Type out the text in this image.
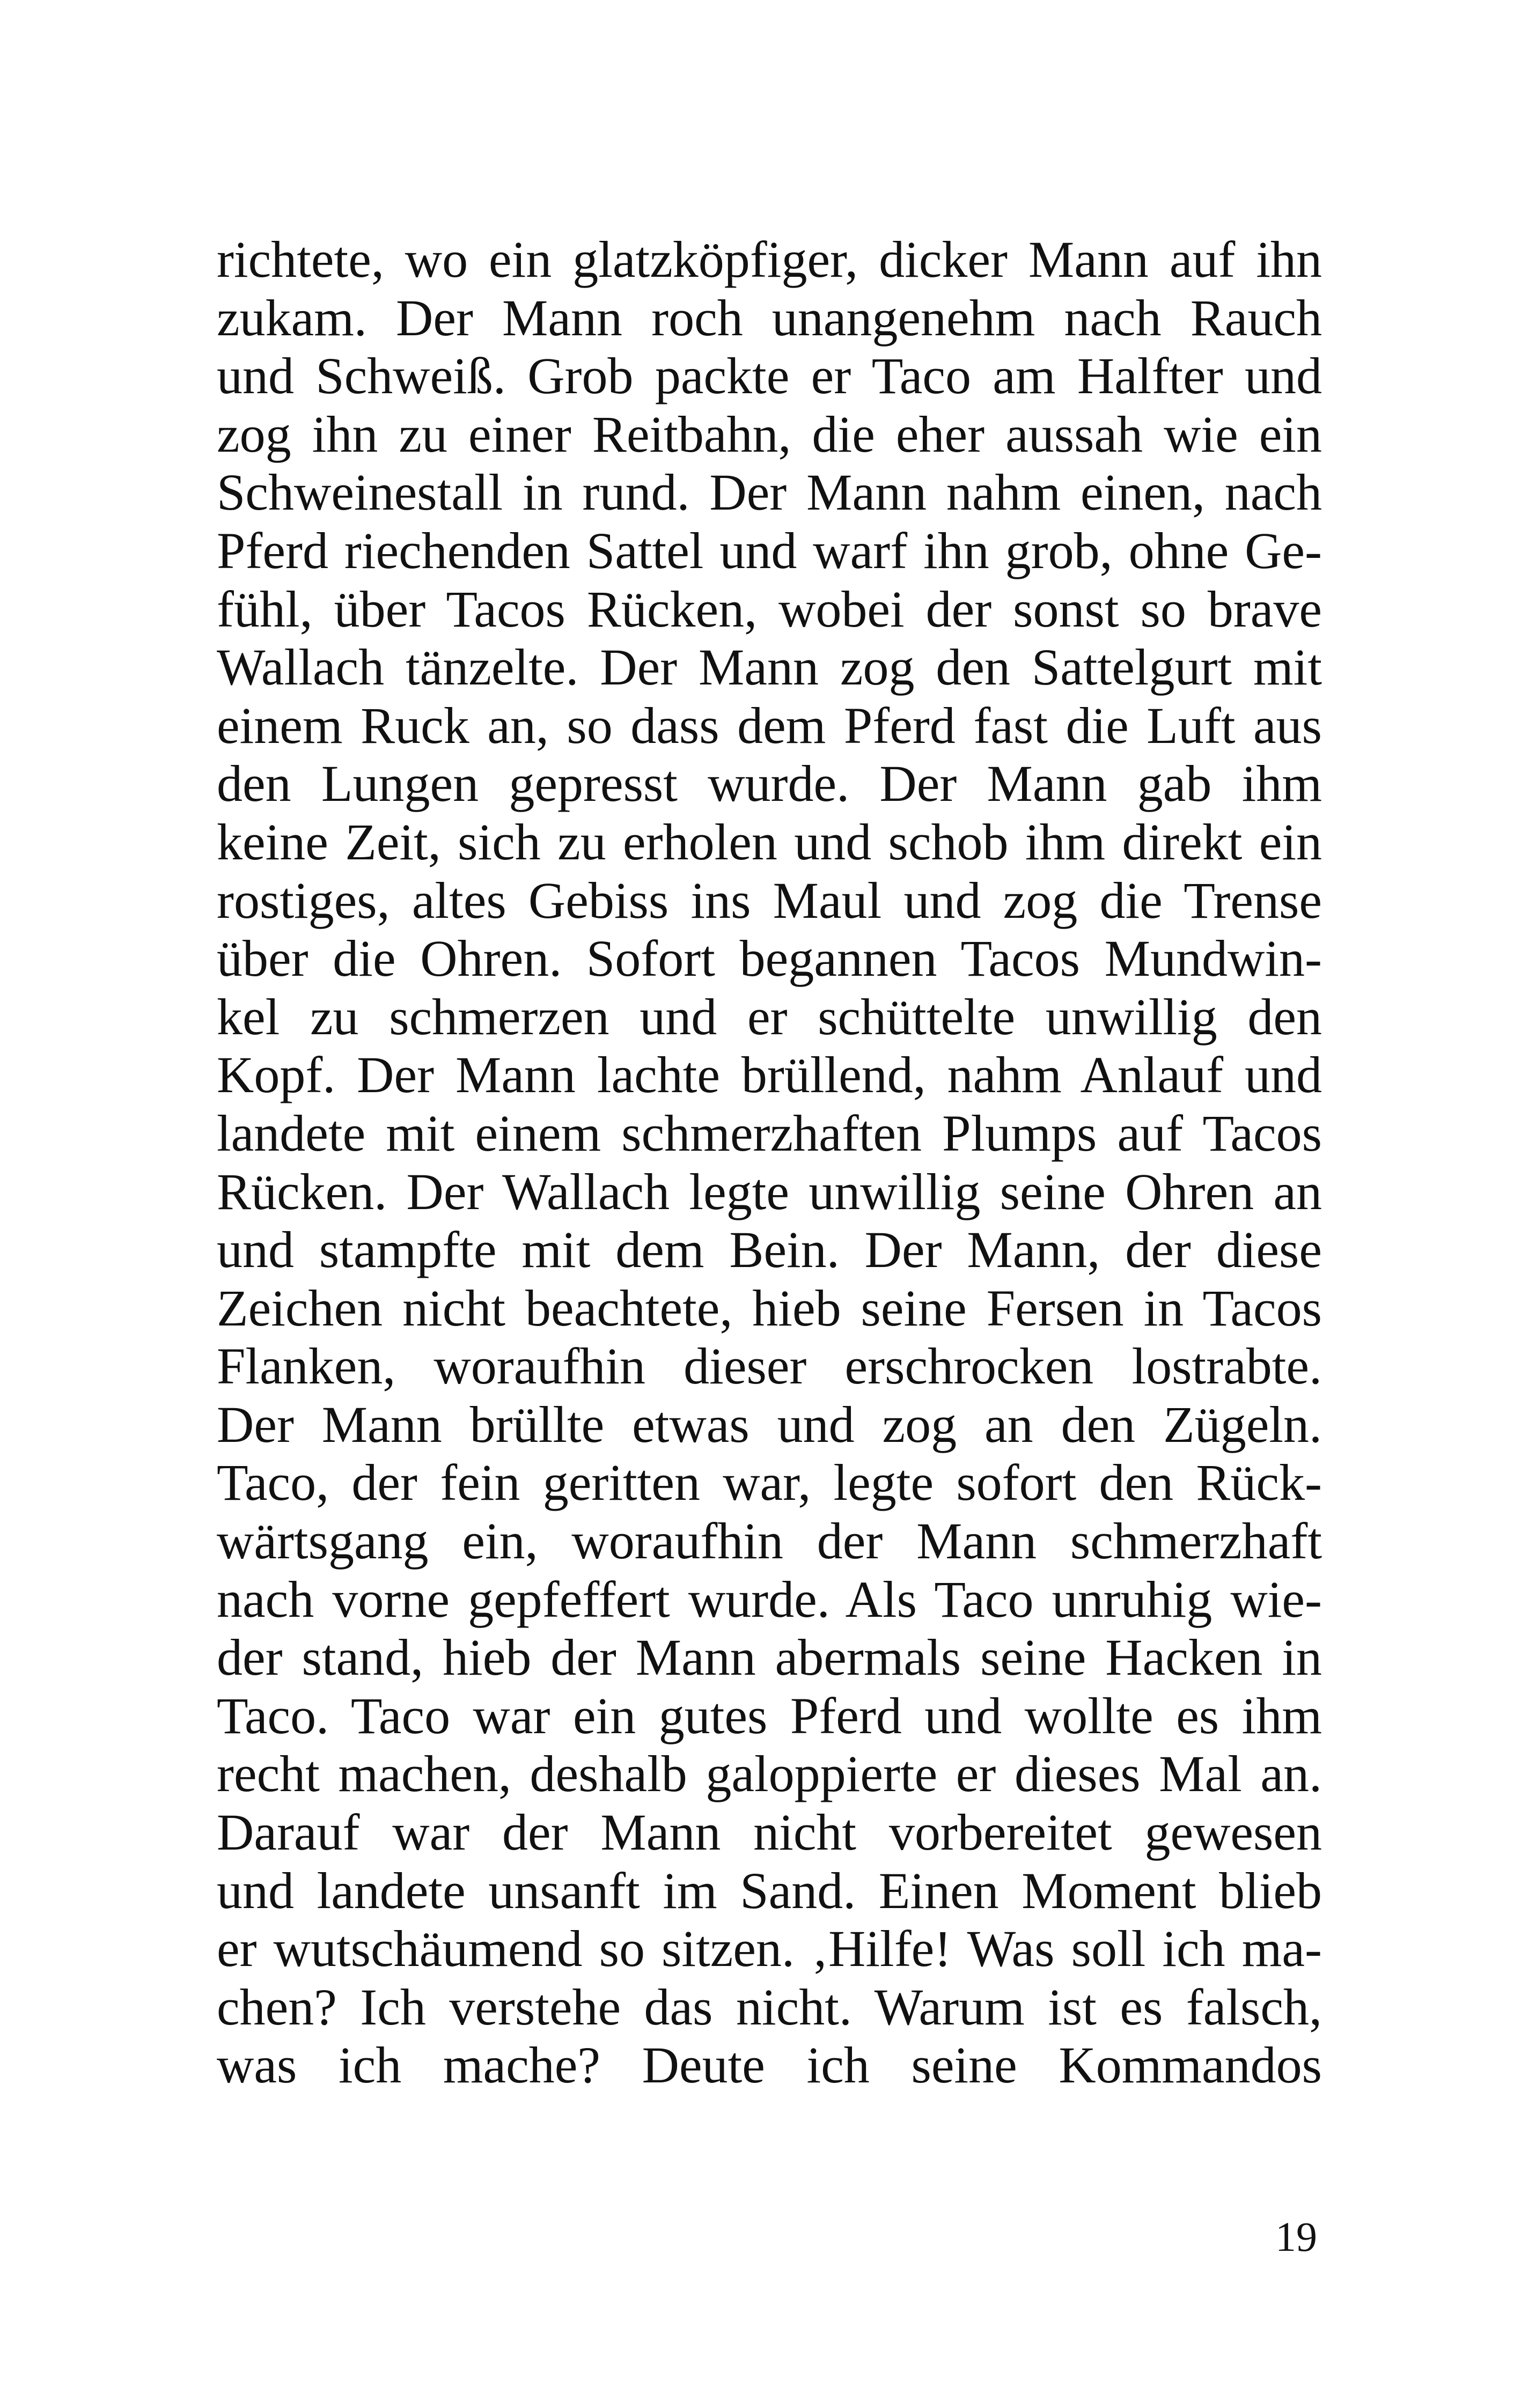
richtete, wo ein glatzköpfiger, dicker Mann auf ihn
zukam. Der Mann roch unangenehm nach Rauch
und Schweiß. Grob packte er Taco am Halfter und
zog ihn zu einer Reitbahn, die eher aussah wie ein
Schweinestall in rund. Der Mann nahm einen, nach
Pferd riechenden Sattel und warf ihn grob, ohne Ge-
fühl, über Tacos Rücken, wobei der sonst so brave
Wallach tänzelte. Der Mann zog den Sattelgurt mit
einem Ruck an, so dass dem Pferd fast die Luft aus
den Lungen gepresst wurde. Der Mann gab ihm
keine Zeit, sich zu erholen und schob ihm direkt ein
rostiges, altes Gebiss ins Maul und zog die Trense
über die Ohren. Sofort begannen Tacos Mundwin-
kel zu schmerzen und er schüttelte unwillig den
Kopf. Der Mann lachte brüllend, nahm Anlauf und
landete mit einem schmerzhaften Plumps auf Tacos
Rücken. Der Wallach legte unwillig seine Ohren an
und stampfte mit dem Bein. Der Mann, der diese
Zeichen nicht beachtete, hieb seine Fersen in Tacos
Flanken, woraufhin dieser erschrocken lostrabte.
Der Mann brüllte etwas und zog an den Zügeln.
Taco, der fein geritten war, legte sofort den Rück-
wärtsgang ein, woraufhin der Mann schmerzhaft
nach vorne gepfeffert wurde. Als Taco unruhig wie-
der stand, hieb der Mann abermals seine Hacken in
Taco. Taco war ein gutes Pferd und wollte es ihm
recht machen, deshalb galoppierte er dieses Mal an.
Darauf war der Mann nicht vorbereitet gewesen
und landete unsanft im Sand. Einen Moment blieb
er wutschäumend so sitzen. ‚Hilfe! Was soll ich ma-
chen? Ich verstehe das nicht. Warum ist es falsch,
was ich mache? Deute ich seine Kommandos
19
